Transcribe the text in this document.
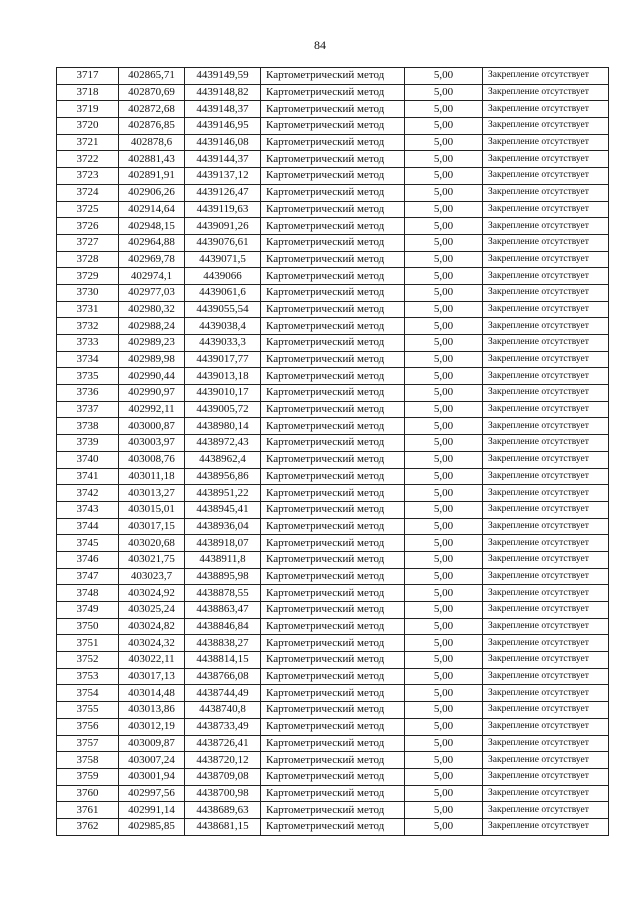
84
3717	402865,71	4439149,59	Картометрический метод	5,00	Закрепление отсутствует
3718	402870,69	4439148,82	Картометрический метод	5,00	Закрепление отсутствует
3719	402872,68	4439148,37	Картометрический метод	5,00	Закрепление отсутствует
3720	402876,85	4439146,95	Картометрический метод	5,00	Закрепление отсутствует
3721	402878,6	4439146,08	Картометрический метод	5,00	Закрепление отсутствует
3722	402881,43	4439144,37	Картометрический метод	5,00	Закрепление отсутствует
3723	402891,91	4439137,12	Картометрический метод	5,00	Закрепление отсутствует
3724	402906,26	4439126,47	Картометрический метод	5,00	Закрепление отсутствует
3725	402914,64	4439119,63	Картометрический метод	5,00	Закрепление отсутствует
3726	402948,15	4439091,26	Картометрический метод	5,00	Закрепление отсутствует
3727	402964,88	4439076,61	Картометрический метод	5,00	Закрепление отсутствует
3728	402969,78	4439071,5	Картометрический метод	5,00	Закрепление отсутствует
3729	402974,1	4439066	Картометрический метод	5,00	Закрепление отсутствует
3730	402977,03	4439061,6	Картометрический метод	5,00	Закрепление отсутствует
3731	402980,32	4439055,54	Картометрический метод	5,00	Закрепление отсутствует
3732	402988,24	4439038,4	Картометрический метод	5,00	Закрепление отсутствует
3733	402989,23	4439033,3	Картометрический метод	5,00	Закрепление отсутствует
3734	402989,98	4439017,77	Картометрический метод	5,00	Закрепление отсутствует
3735	402990,44	4439013,18	Картометрический метод	5,00	Закрепление отсутствует
3736	402990,97	4439010,17	Картометрический метод	5,00	Закрепление отсутствует
3737	402992,11	4439005,72	Картометрический метод	5,00	Закрепление отсутствует
3738	403000,87	4438980,14	Картометрический метод	5,00	Закрепление отсутствует
3739	403003,97	4438972,43	Картометрический метод	5,00	Закрепление отсутствует
3740	403008,76	4438962,4	Картометрический метод	5,00	Закрепление отсутствует
3741	403011,18	4438956,86	Картометрический метод	5,00	Закрепление отсутствует
3742	403013,27	4438951,22	Картометрический метод	5,00	Закрепление отсутствует
3743	403015,01	4438945,41	Картометрический метод	5,00	Закрепление отсутствует
3744	403017,15	4438936,04	Картометрический метод	5,00	Закрепление отсутствует
3745	403020,68	4438918,07	Картометрический метод	5,00	Закрепление отсутствует
3746	403021,75	4438911,8	Картометрический метод	5,00	Закрепление отсутствует
3747	403023,7	4438895,98	Картометрический метод	5,00	Закрепление отсутствует
3748	403024,92	4438878,55	Картометрический метод	5,00	Закрепление отсутствует
3749	403025,24	4438863,47	Картометрический метод	5,00	Закрепление отсутствует
3750	403024,82	4438846,84	Картометрический метод	5,00	Закрепление отсутствует
3751	403024,32	4438838,27	Картометрический метод	5,00	Закрепление отсутствует
3752	403022,11	4438814,15	Картометрический метод	5,00	Закрепление отсутствует
3753	403017,13	4438766,08	Картометрический метод	5,00	Закрепление отсутствует
3754	403014,48	4438744,49	Картометрический метод	5,00	Закрепление отсутствует
3755	403013,86	4438740,8	Картометрический метод	5,00	Закрепление отсутствует
3756	403012,19	4438733,49	Картометрический метод	5,00	Закрепление отсутствует
3757	403009,87	4438726,41	Картометрический метод	5,00	Закрепление отсутствует
3758	403007,24	4438720,12	Картометрический метод	5,00	Закрепление отсутствует
3759	403001,94	4438709,08	Картометрический метод	5,00	Закрепление отсутствует
3760	402997,56	4438700,98	Картометрический метод	5,00	Закрепление отсутствует
3761	402991,14	4438689,63	Картометрический метод	5,00	Закрепление отсутствует
3762	402985,85	4438681,15	Картометрический метод	5,00	Закрепление отсутствует
